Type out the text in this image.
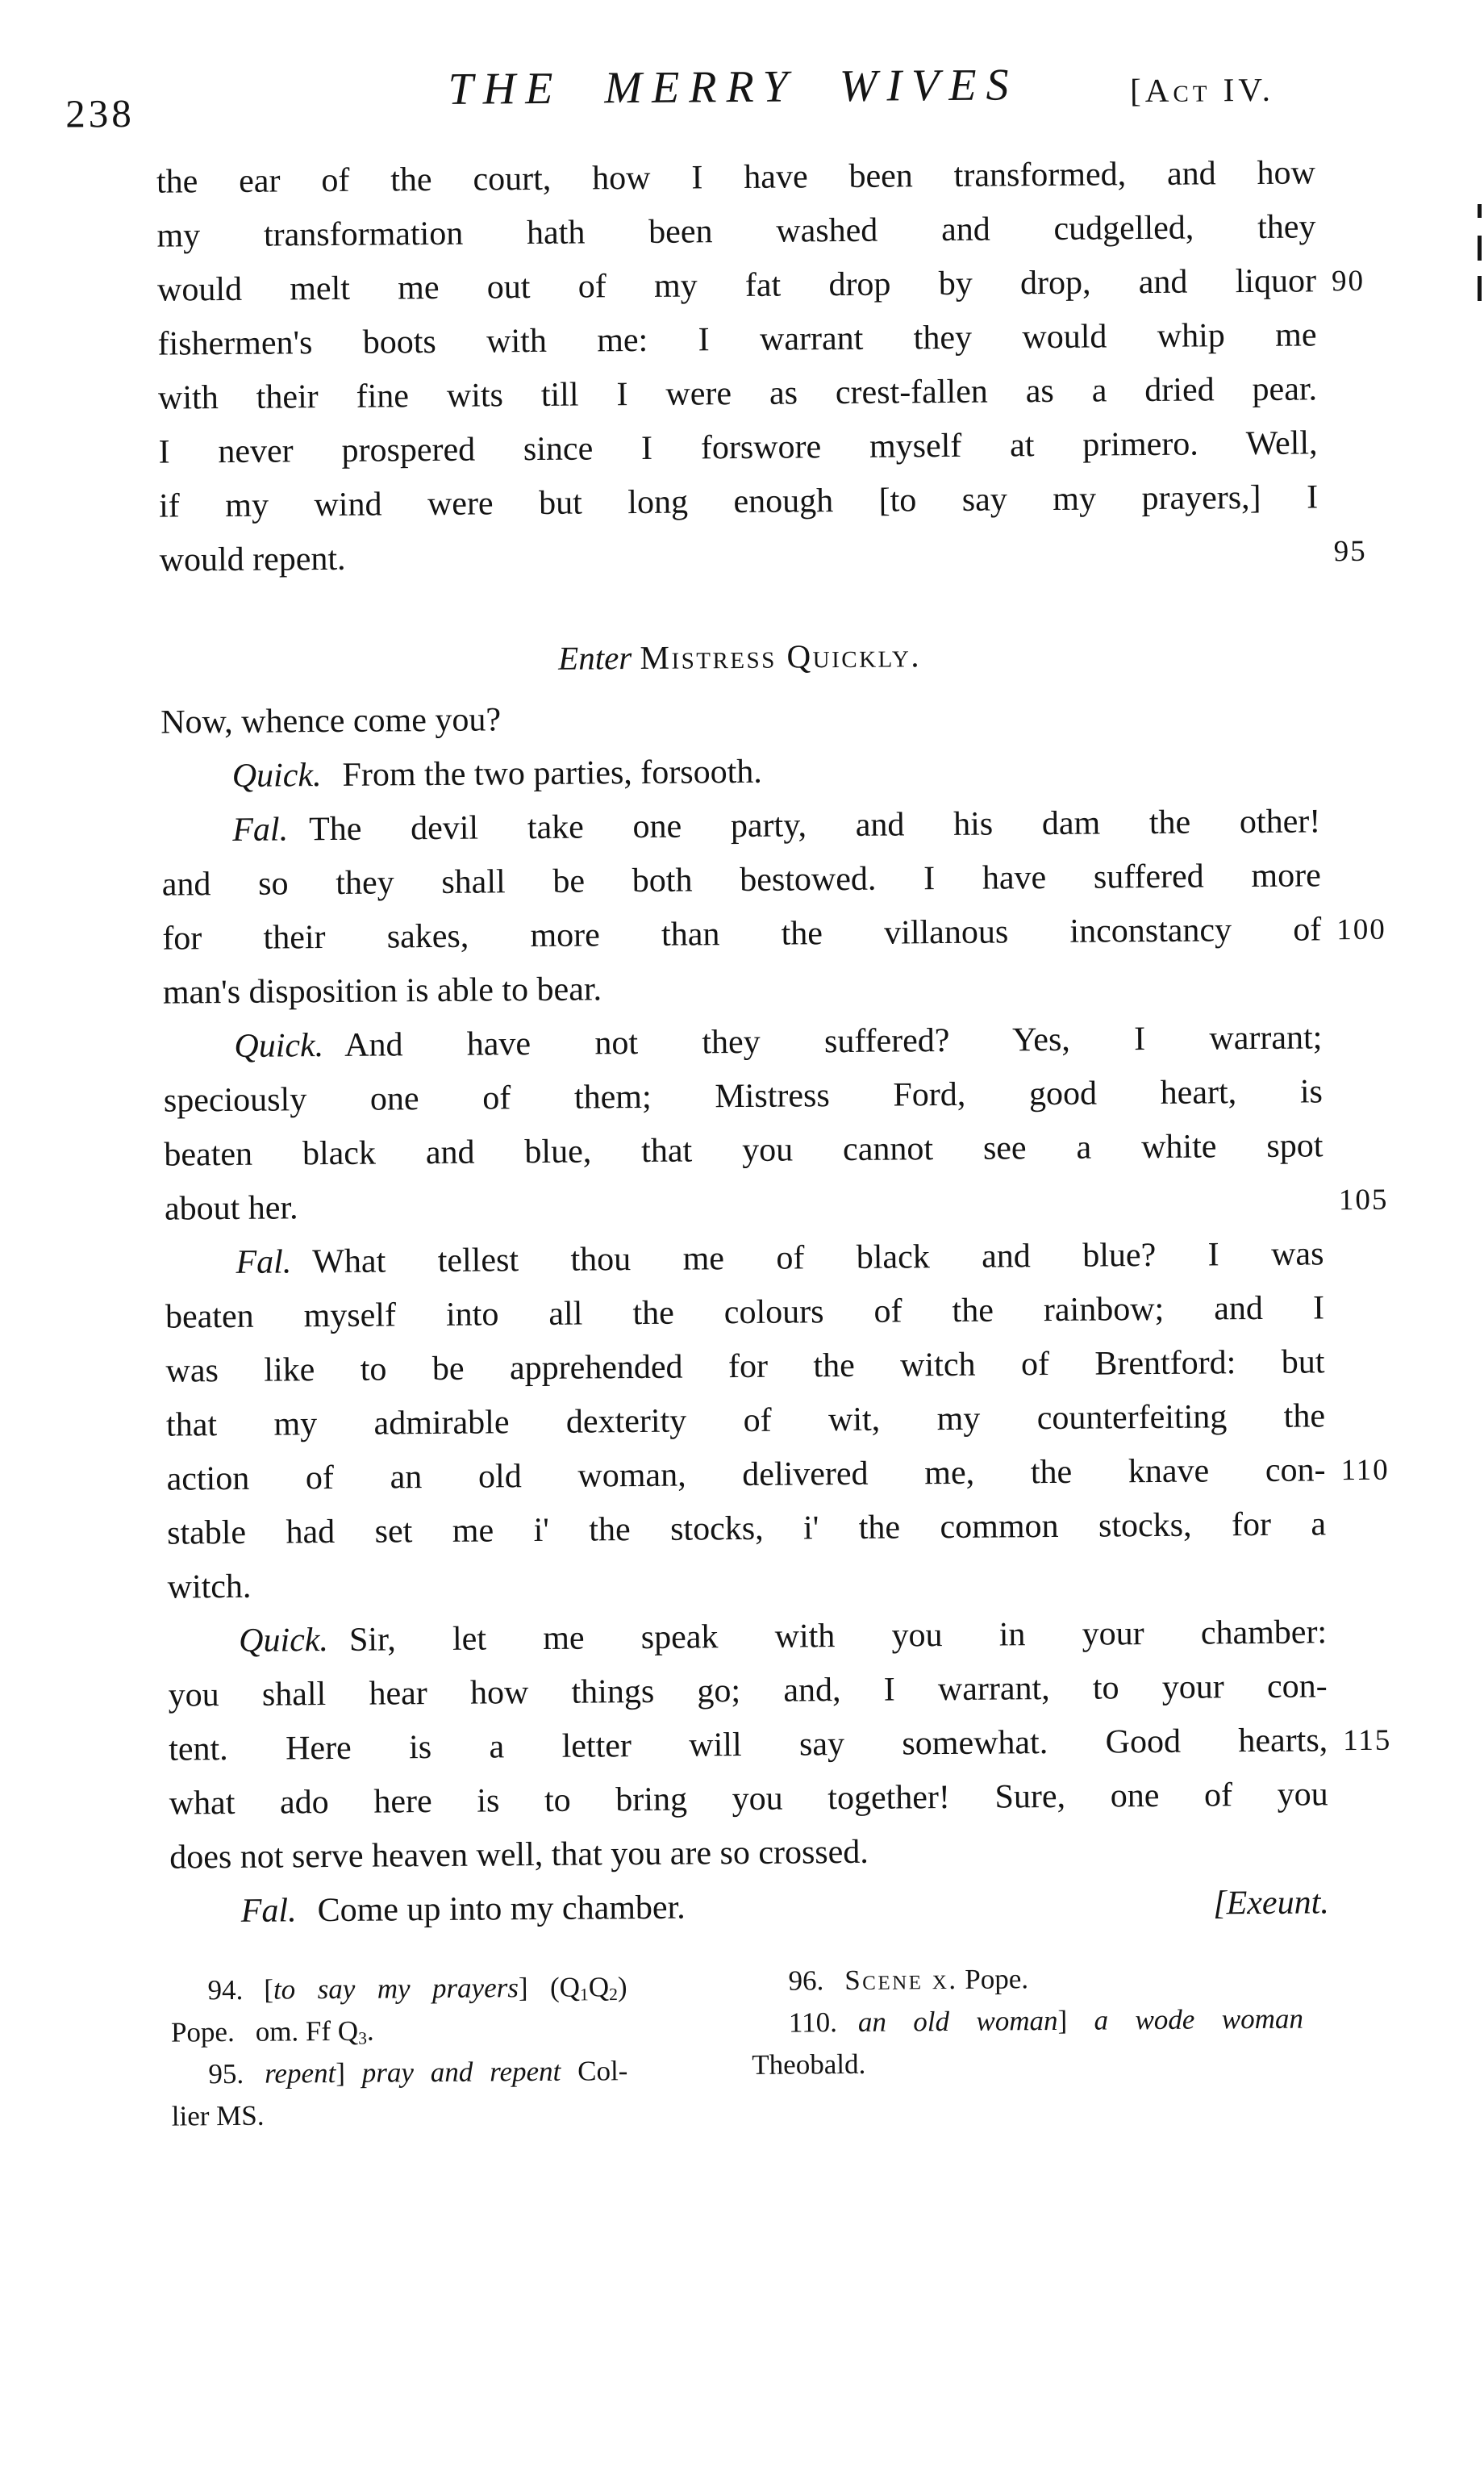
238	THE MERRY WIVES	[Act IV.
the ear of the court, how I have been transformed, and how
my transformation hath been washed and cudgelled, they
would melt me out of my fat drop by drop, and liquor 90
fishermen's boots with me: I warrant they would whip me
with their fine wits till I were as crest-fallen as a dried pear.
I never prospered since I forswore myself at primero. Well,
if my wind were but long enough [to say my prayers,] I
would repent.	95
Enter Mistress Quickly.
Now, whence come you?
Quick. From the two parties, forsooth.
Fal. The devil take one party, and his dam the other!
and so they shall be both bestowed. I have suffered more
for their sakes, more than the villanous inconstancy of 100
man's disposition is able to bear.
Quick. And have not they suffered? Yes, I warrant;
speciously one of them; Mistress Ford, good heart, is
beaten black and blue, that you cannot see a white spot
about her.	105
Fal. What tellest thou me of black and blue? I was
beaten myself into all the colours of the rainbow; and I
was like to be apprehended for the witch of Brentford: but
that my admirable dexterity of wit, my counterfeiting the
action of an old woman, delivered me, the knave con- 110
stable had set me i' the stocks, i' the common stocks, for a
witch.
Quick. Sir, let me speak with you in your chamber:
you shall hear how things go; and, I warrant, to your con-
tent. Here is a letter will say somewhat. Good hearts, 115
what ado here is to bring you together! Sure, one of you
does not serve heaven well, that you are so crossed.
[Exeunt.
Fal. Come up into my chamber.
94. [to say my prayers] $(Q_1Q_2)$
Pope. om. Ff $Q_3$.
95. repent] pray and repent Col-
lier MS.
96. Scene x. Pope.
110. an old woman] a wode woman
Theobald.
